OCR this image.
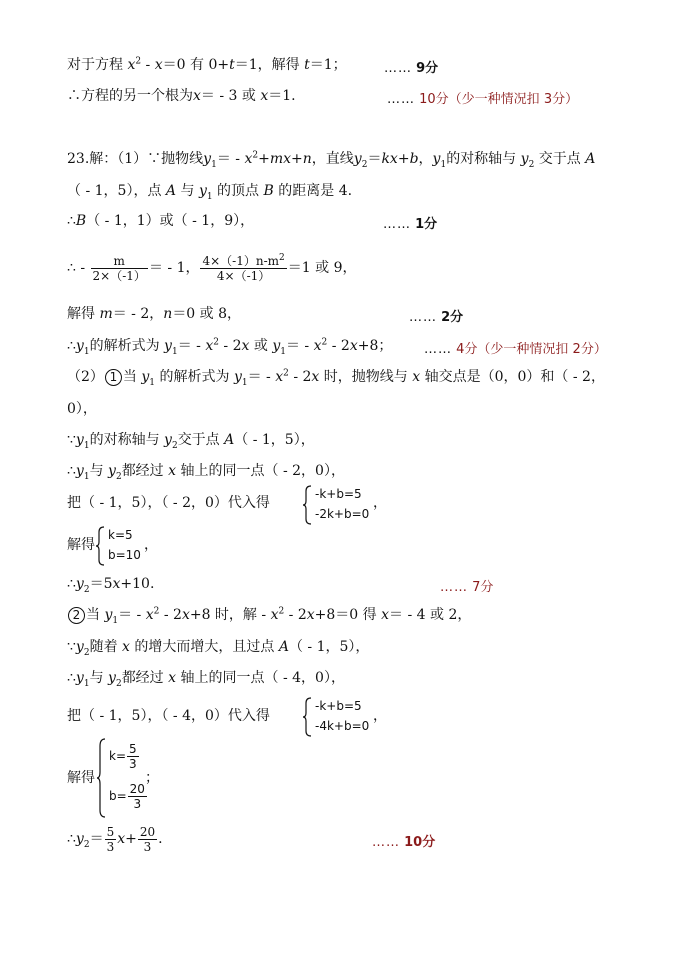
对于方程 $x^2 - x=0$ 有 0+t＝1，解得 t＝1；	…… 9分
∴方程的另一个根为x＝ - 3 或 x＝1.	…… 10分（少一种情况扣 3分）
23.解：（1）∵抛物线$y_1= - x^2+mx+n$，直线$y_2=kx+b$，$y_1$的对称轴与 $y_2$ 交于点 A
（ - 1，5），点 A 与 $y_1$ 的顶点 B 的距离是 4.
∴B（ - 1，1）或（ - 1，9），	…… 1分
∴ - $\frac{m}{2\times(-1)}$ ＝ - 1， $\frac{4\times(-1)n-m^2}{4\times(-1)} =1$ 或 9，
解得 m＝ - 2，n＝0 或 8，	…… 2分
$\therefore y_1$的解析式为 $y_1= - x^2 - 2x$ 或 $y_1= - x^2 - 2x+8$； …… 4分（少一种情况扣 2分）
（2） 1 当 $y_1$ 的解析式为 $y_1= - x^2 - 2x$ 时，抛物线与 x 轴交点是（0，0）和（ - 2，
0），
$\because y_1$的对称轴与 $y_2$交于点 A（ - 1，5），
$\therefore y_1$与 $y_2$都经过 x 轴上的同一点（ - 2，0），
把（ - 1，5），（ - 2，0）代入得
-k+b=5
-2k+b=0
，
解得
k=5
b=10
，
$\therefore y_2=5x+10$.	…… 7分
2 当 $y_1= - x^2 - 2x+8$ 时，解 - $x^2 - 2x+8=0$ 得 x＝ - 4 或 2，
$\because y_2$随着 x 的增大而增大，且过点 A（ - 1，5），
$\therefore y_1$与 $y_2$都经过 x 轴上的同一点（ - 4，0），
把（ - 1，5），（ - 4，0）代入得
-k+b=5
-4k+b=0
，
解得
$k= \frac{5}{3}$
$b= \frac{20}{3}$
；
$\therefore y_2= \frac{5}{3} x+ \frac{20}{3}$ .	…… 10分
